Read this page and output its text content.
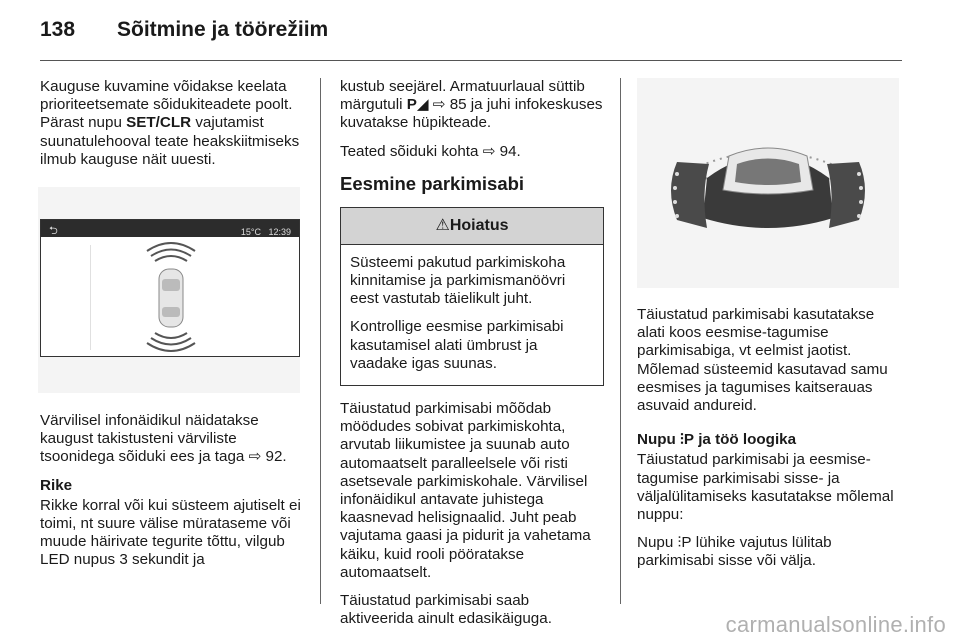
138 Sõitmine ja töörežiim

Kauguse kuvamine võidakse keelata prioriteetsemate sõidukiteadete poolt. Pärast nupu SET/CLR vajutamist suunatulehooval teate heakskiitmiseks ilmub kauguse näit uuesti.

⮌	15°C 12:39

Värvilisel infonäidikul näidatakse kaugust takistusteni värviliste tsoonidega sõiduki ees ja taga ⇨ 92.

Rike

Rikke korral või kui süsteem ajutiselt ei toimi, nt suure välise mürataseme või muude häirivate tegurite tõttu, vilgub LED nupus 3 sekundit ja

kustub seejärel. Armatuurlaual süttib märgutuli P◢ ⇨ 85 ja juhi infokeskuses kuvatakse hüpikteade.

Teated sõiduki kohta ⇨ 94.

Eesmine parkimisabi
⚠Hoiatus

Süsteemi pakutud parkimiskoha kinnitamise ja parkimismanöövri eest vastutab täielikult juht.

Kontrollige eesmise parkimisabi kasutamisel alati ümbrust ja vaadake igas suunas.

Täiustatud parkimisabi mõõdab möödudes sobivat parkimiskohta, arvutab liikumistee ja suunab auto automaatselt paralleelsele või risti asetsevale parkimiskohale. Värvilisel infonäidikul antavate juhistega kaasnevad helisignaalid. Juht peab vajutama gaasi ja pidurit ja vahetama käiku, kuid rooli pööratakse automaatselt.

Täiustatud parkimisabi saab aktiveerida ainult edasikäiguga.

Täiustatud parkimisabi kasutatakse alati koos eesmise-tagumise parkimisabiga, vt eelmist jaotist. Mõlemad süsteemid kasutavad samu eesmises ja tagumises kaitserauas asuvaid andureid.

Nupu ⫶P ja töö loogika

Täiustatud parkimisabi ja eesmise-tagumise parkimisabi sisse- ja väljalülitamiseks kasutatakse mõlemal nuppu:

Nupu ⫶P lühike vajutus lülitab parkimisabi sisse või välja.

carmanualsonline.info
